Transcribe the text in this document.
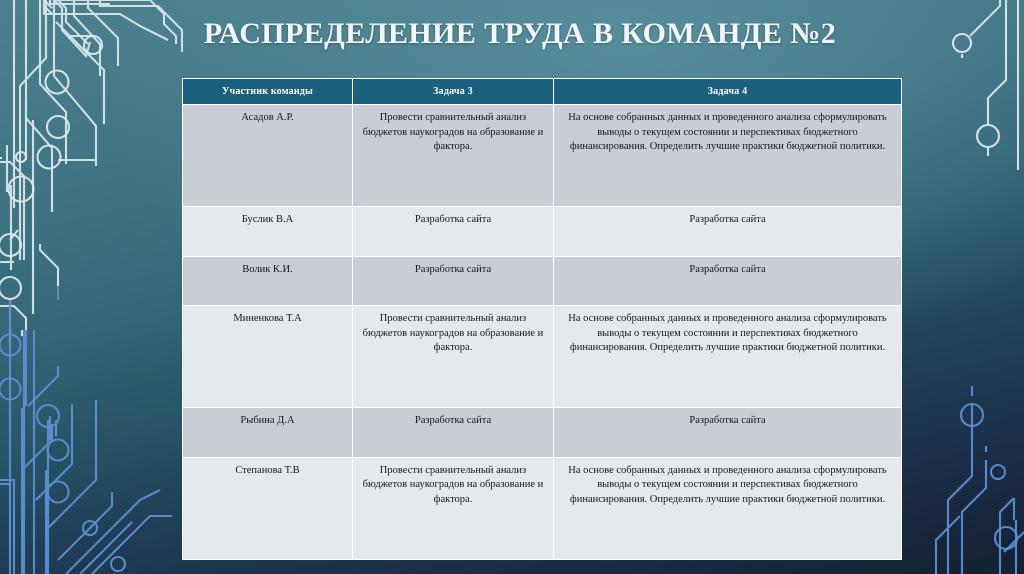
РАСПРЕДЕЛЕНИЕ ТРУДА В КОМАНДЕ №2
Участник команды	Задача 3	Задача 4
Асадов А.Р.	Провести сравнительный анализ бюджетов наукоградов на образование и фактора.	На основе собранных данных и проведенного анализа сформулировать выводы о текущем состоянии и перспективах бюджетного финансирования. Определить лучшие практики бюджетной политики.
Буслик В.А	Разработка сайта	Разработка сайта
Волик К.И.	Разработка сайта	Разработка сайта
Миненкова Т.А	Провести сравнительный анализ бюджетов наукоградов на образование и фактора.	На основе собранных данных и проведенного анализа сформулировать выводы о текущем состоянии и перспективах бюджетного финансирования. Определить лучшие практики бюджетной политики.
Рыбина Д.А	Разработка сайта	Разработка сайта
Степанова Т.В	Провести сравнительный анализ бюджетов наукоградов на образование и фактора.	На основе собранных данных и проведенного анализа сформулировать выводы о текущем состоянии и перспективах бюджетного финансирования. Определить лучшие практики бюджетной политики.
